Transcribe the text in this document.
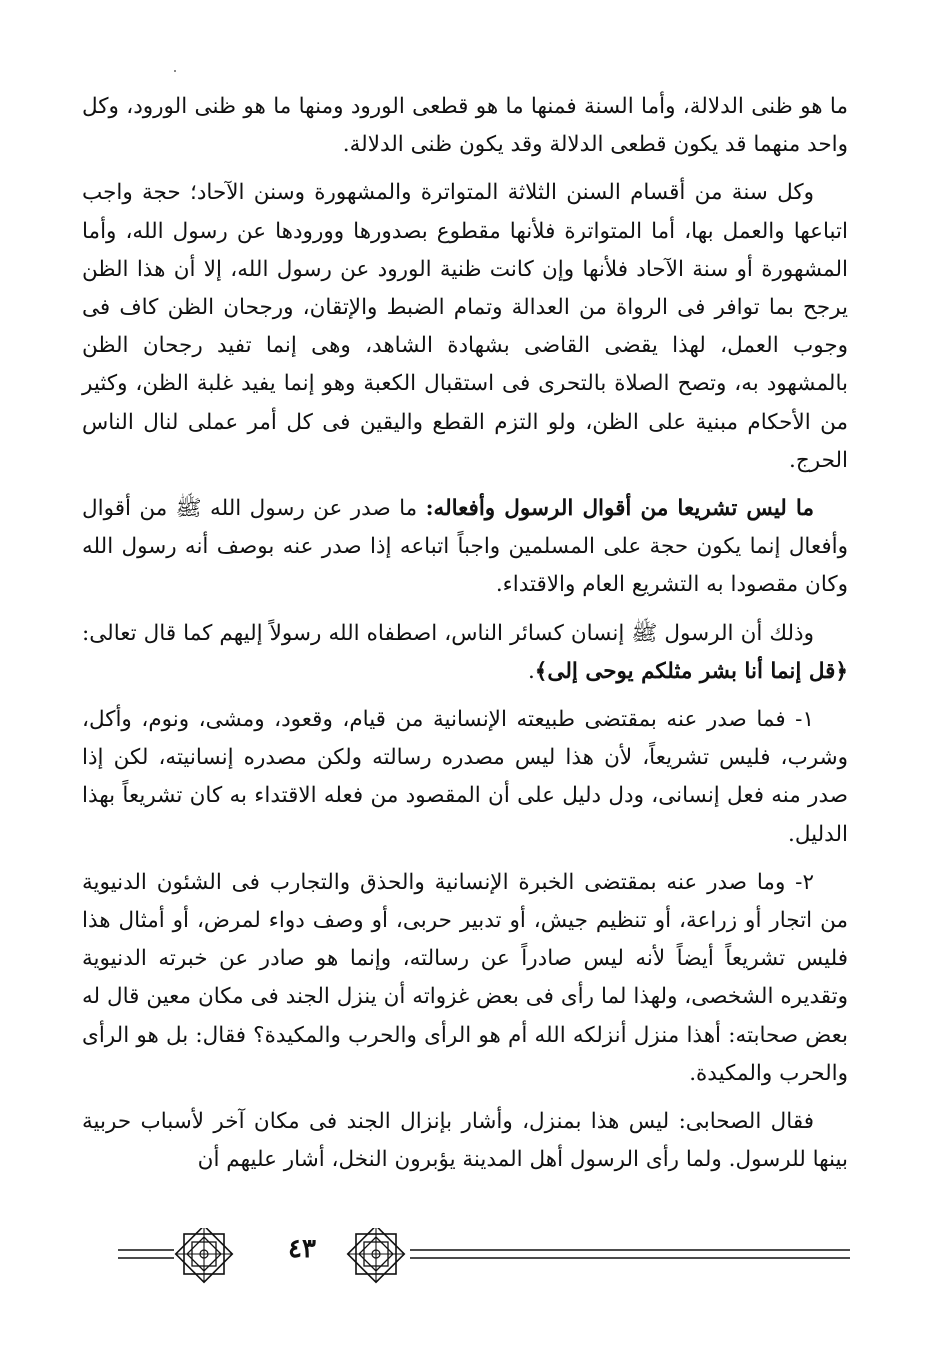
ما هو ظنى الدلالة، وأما السنة فمنها ما هو قطعى الورود ومنها ما هو ظنى الورود، وكل واحد منهما قد يكون قطعى الدلالة وقد يكون ظنى الدلالة.

وكل سنة من أقسام السنن الثلاثة المتواترة والمشهورة وسنن الآحاد؛ حجة واجب اتباعها والعمل بها، أما المتواترة فلأنها مقطوع بصدورها وورودها عن رسول الله، وأما المشهورة أو سنة الآحاد فلأنها وإن كانت ظنية الورود عن رسول الله، إلا أن هذا الظن يرجح بما توافر فى الرواة من العدالة وتمام الضبط والإتقان، ورجحان الظن كاف فى وجوب العمل، لهذا يقضى القاضى بشهادة الشاهد، وهى إنما تفيد رجحان الظن بالمشهود به، وتصح الصلاة بالتحرى فى استقبال الكعبة وهو إنما يفيد غلبة الظن، وكثير من الأحكام مبنية على الظن، ولو التزم القطع واليقين فى كل أمر عملى لنال الناس الحرج.

ما ليس تشريعا من أقوال الرسول وأفعاله: ما صدر عن رسول الله ﷺ من أقوال وأفعال إنما يكون حجة على المسلمين واجباً اتباعه إذا صدر عنه بوصف أنه رسول الله وكان مقصودا به التشريع العام والاقتداء.

وذلك أن الرسول ﷺ إنسان كسائر الناس، اصطفاه الله رسولاً إليهم كما قال تعالى: ﴿قل إنما أنا بشر مثلكم يوحى إلى﴾.

١- فما صدر عنه بمقتضى طبيعته الإنسانية من قيام، وقعود، ومشى، ونوم، وأكل، وشرب، فليس تشريعاً، لأن هذا ليس مصدره رسالته ولكن مصدره إنسانيته، لكن إذا صدر منه فعل إنسانى، ودل دليل على أن المقصود من فعله الاقتداء به كان تشريعاً بهذا الدليل.

٢- وما صدر عنه بمقتضى الخبرة الإنسانية والحذق والتجارب فى الشئون الدنيوية من اتجار أو زراعة، أو تنظيم جيش، أو تدبير حربى، أو وصف دواء لمرض، أو أمثال هذا فليس تشريعاً أيضاً لأنه ليس صادراً عن رسالته، وإنما هو صادر عن خبرته الدنيوية وتقديره الشخصى، ولهذا لما رأى فى بعض غزواته أن ينزل الجند فى مكان معين قال له بعض صحابته: أهذا منزل أنزلكه الله أم هو الرأى والحرب والمكيدة؟ فقال: بل هو الرأى والحرب والمكيدة.

فقال الصحابى: ليس هذا بمنزل، وأشار بإنزال الجند فى مكان آخر لأسباب حربية بينها للرسول. ولما رأى الرسول أهل المدينة يؤبرون النخل، أشار عليهم أن

٤٣
